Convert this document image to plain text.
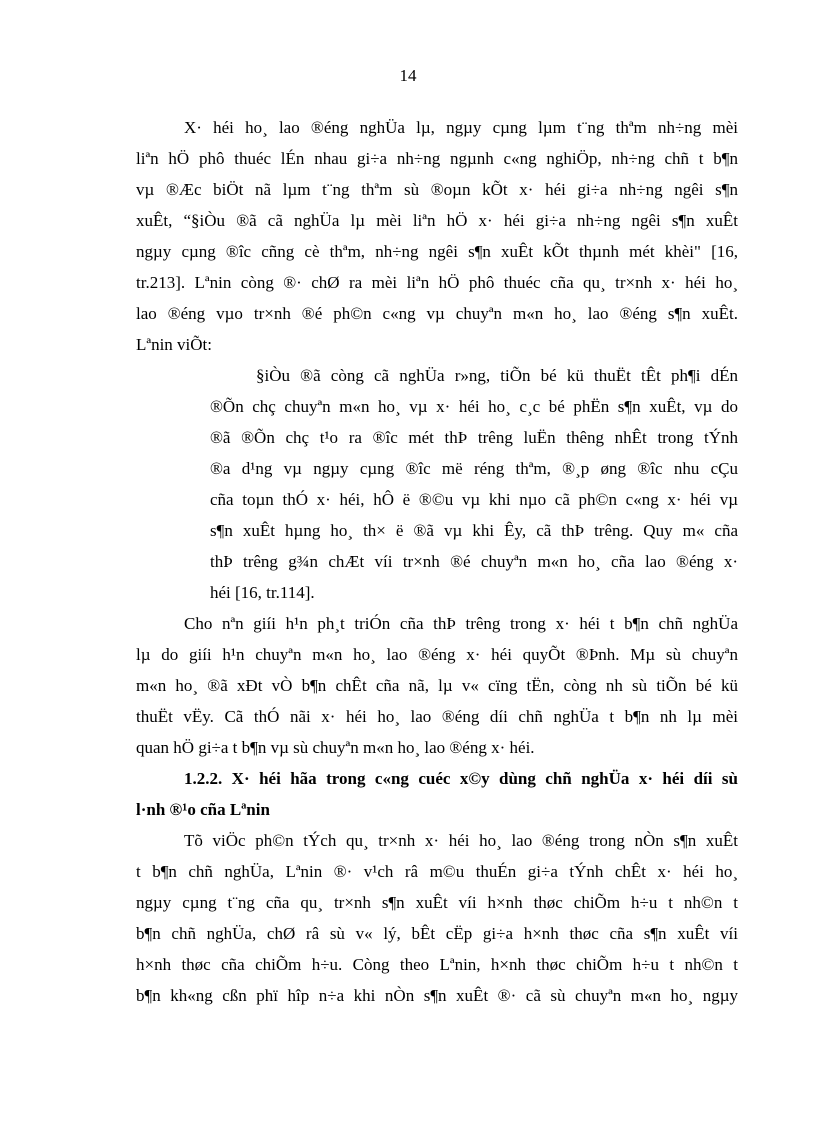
14

X· héi ho¸ lao ®éng nghÜa lµ, ngµy cµng lµm t¨ng thªm nh÷ng mèi

liªn hÖ phô thuéc lÉn nhau gi÷a nh÷ng ngµnh c«ng nghiÖp, nh÷ng chñ t b¶n

vµ ®Æc biÖt nã lµm t¨ng thªm sù ®oµn kÕt x· héi gi÷a nh÷ng ngêi s¶n

xuÊt, “§iÒu ®ã cã nghÜa lµ mèi liªn hÖ x· héi gi÷a nh÷ng ngêi s¶n xuÊt

ngµy cµng ®îc cñng cè thªm, nh÷ng ngêi s¶n xuÊt kÕt thµnh mét khèi" [16,

tr.213]. Lªnin còng ®· chØ ra mèi liªn hÖ phô thuéc cña qu¸ tr×nh x· héi ho¸

lao ®éng vµo tr×nh ®é ph©n c«ng vµ chuyªn m«n ho¸ lao ®éng s¶n xuÊt.

Lªnin viÕt:

§iÒu ®ã còng cã nghÜa r»ng, tiÕn bé kü thuËt tÊt ph¶i dÉn

®Õn chç chuyªn m«n ho¸ vµ x· héi ho¸ c¸c bé phËn s¶n xuÊt, vµ do

®ã ®Õn chç t¹o ra ®îc mét thÞ trêng luËn thêng nhÊt trong tÝnh

®a d¹ng vµ ngµy cµng ®îc më réng thªm, ®¸p øng ®îc nhu cÇu

cña toµn thÓ x· héi, hÔ ë ®©u vµ khi nµo cã ph©n c«ng x· héi vµ

s¶n xuÊt hµng ho¸ th× ë ®ã vµ khi Êy, cã thÞ trêng. Quy m« cña

thÞ trêng g¾n chÆt víi tr×nh ®é chuyªn m«n ho¸ cña lao ®éng x·

héi [16, tr.114].

Cho nªn giíi h¹n ph¸t triÓn cña thÞ trêng trong x· héi t b¶n chñ nghÜa

lµ do giíi h¹n chuyªn m«n ho¸ lao ®éng x· héi quyÕt ®Þnh. Mµ sù chuyªn

m«n ho¸ ®ã xÐt vÒ b¶n chÊt cña nã, lµ v« cïng tËn, còng nh sù tiÕn bé kü

thuËt vËy. Cã thÓ nãi x· héi ho¸ lao ®éng díi chñ nghÜa t b¶n nh lµ mèi

quan hÖ gi÷a t b¶n vµ sù chuyªn m«n ho¸ lao ®éng x· héi.

1.2.2. X· héi hãa trong c«ng cuéc x©y dùng chñ nghÜa x· héi díi sù

l·nh ®¹o cña Lªnin

Tõ viÖc ph©n tÝch qu¸ tr×nh x· héi ho¸ lao ®éng trong nÒn s¶n xuÊt

t b¶n chñ nghÜa, Lªnin ®· v¹ch râ m©u thuÉn gi÷a tÝnh chÊt x· héi ho¸

ngµy cµng t¨ng cña qu¸ tr×nh s¶n xuÊt víi h×nh thøc chiÕm h÷u t nh©n t

b¶n chñ nghÜa, chØ râ sù v« lý, bÊt cËp gi÷a h×nh thøc cña s¶n xuÊt víi

h×nh thøc cña chiÕm h÷u. Còng theo Lªnin, h×nh thøc chiÕm h÷u t nh©n t

b¶n kh«ng cßn phï hîp n÷a khi nÒn s¶n xuÊt ®· cã sù chuyªn m«n ho¸ ngµy
